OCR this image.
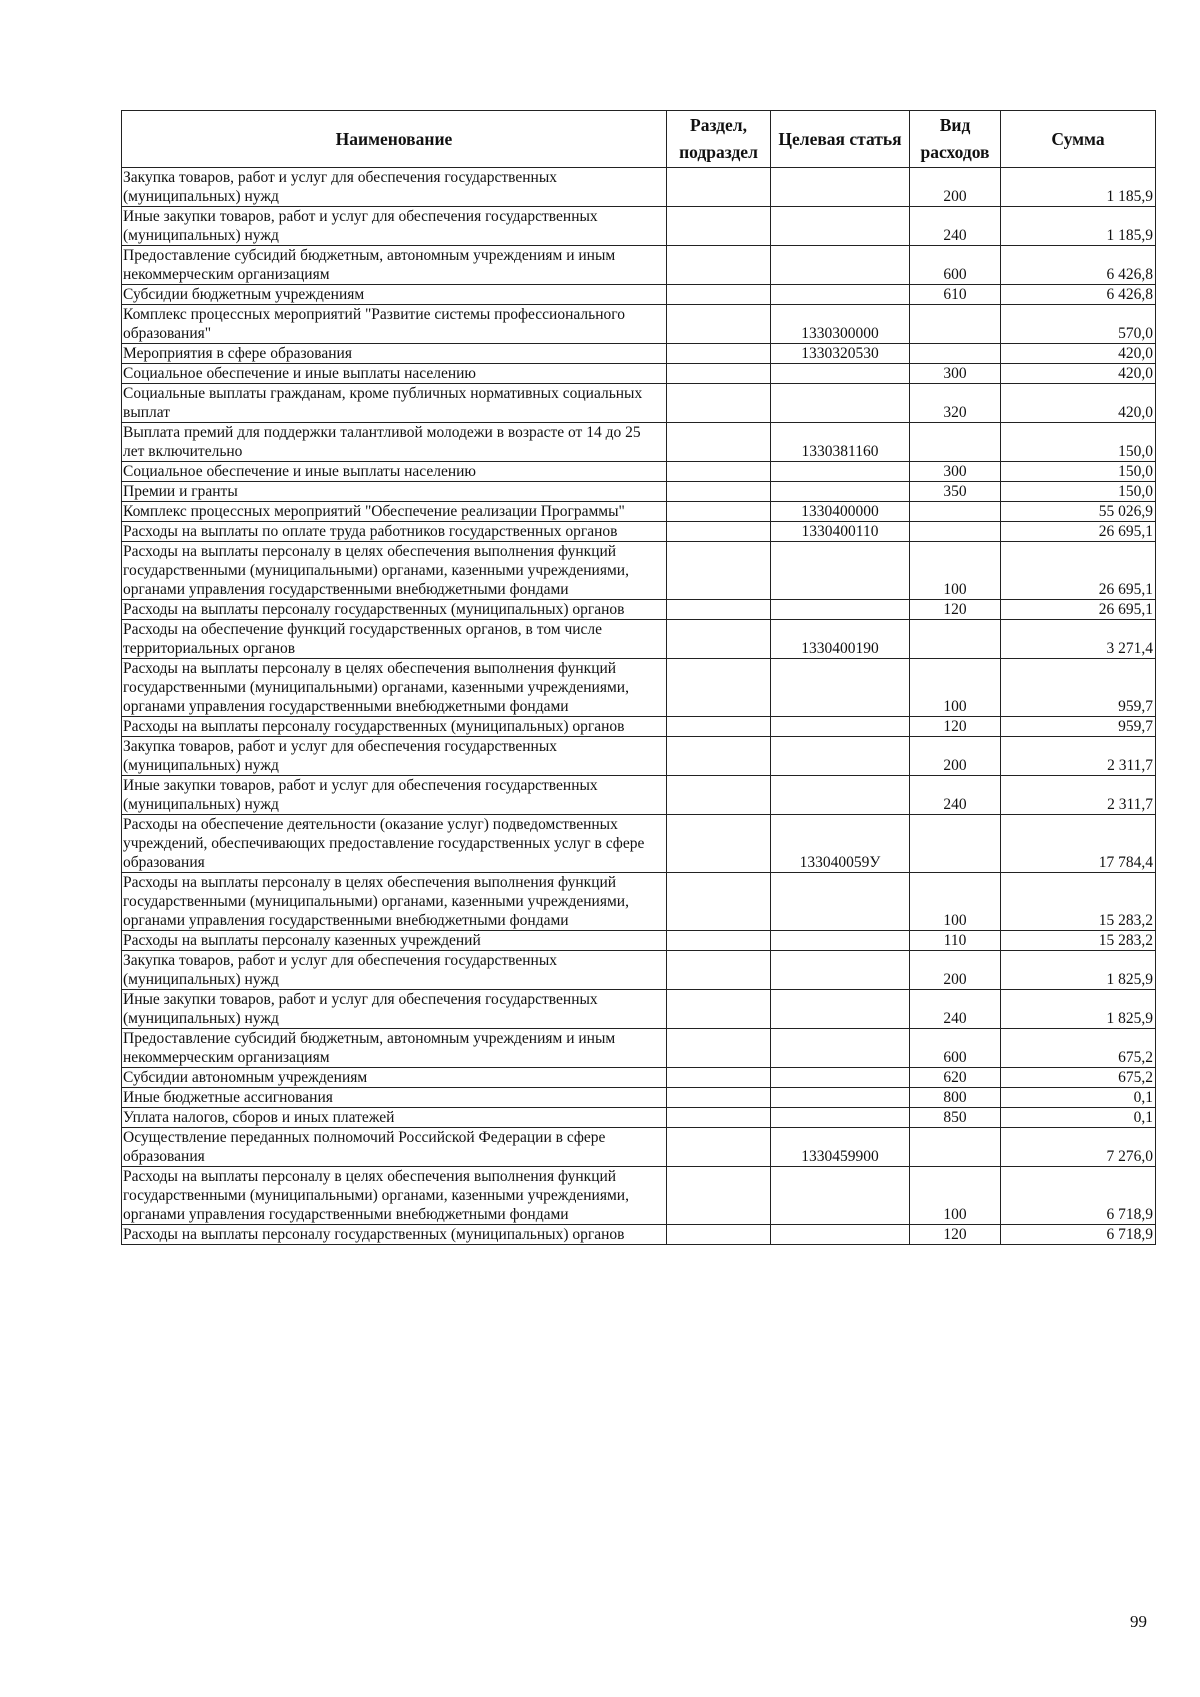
Наименование	Раздел, подраздел	Целевая статья	Вид расходов	Сумма
Закупка товаров, работ и услуг для обеспечения государственных (муниципальных) нужд			200	1 185,9
Иные закупки товаров, работ и услуг для обеспечения государственных (муниципальных) нужд			240	1 185,9
Предоставление субсидий бюджетным, автономным учреждениям и иным некоммерческим организациям			600	6 426,8
Субсидии бюджетным учреждениям			610	6 426,8
Комплекс процессных мероприятий "Развитие системы профессионального образования"		1330300000		570,0
Мероприятия в сфере образования		1330320530		420,0
Социальное обеспечение и иные выплаты населению			300	420,0
Социальные выплаты гражданам, кроме публичных нормативных социальных выплат			320	420,0
Выплата премий для поддержки талантливой молодежи в возрасте от 14 до 25 лет включительно		1330381160		150,0
Социальное обеспечение и иные выплаты населению			300	150,0
Премии и гранты			350	150,0
Комплекс процессных мероприятий "Обеспечение реализации Программы"		1330400000		55 026,9
Расходы на выплаты по оплате труда работников государственных органов		1330400110		26 695,1
Расходы на выплаты персоналу в целях обеспечения выполнения функций государственными (муниципальными) органами, казенными учреждениями, органами управления государственными внебюджетными фондами			100	26 695,1
Расходы на выплаты персоналу государственных (муниципальных) органов			120	26 695,1
Расходы на обеспечение функций государственных органов, в том числе территориальных органов		1330400190		3 271,4
Расходы на выплаты персоналу в целях обеспечения выполнения функций государственными (муниципальными) органами, казенными учреждениями, органами управления государственными внебюджетными фондами			100	959,7
Расходы на выплаты персоналу государственных (муниципальных) органов			120	959,7
Закупка товаров, работ и услуг для обеспечения государственных (муниципальных) нужд			200	2 311,7
Иные закупки товаров, работ и услуг для обеспечения государственных (муниципальных) нужд			240	2 311,7
Расходы на обеспечение деятельности (оказание услуг) подведомственных учреждений, обеспечивающих предоставление государственных услуг в сфере образования		133040059У		17 784,4
Расходы на выплаты персоналу в целях обеспечения выполнения функций государственными (муниципальными) органами, казенными учреждениями, органами управления государственными внебюджетными фондами			100	15 283,2
Расходы на выплаты персоналу казенных учреждений			110	15 283,2
Закупка товаров, работ и услуг для обеспечения государственных (муниципальных) нужд			200	1 825,9
Иные закупки товаров, работ и услуг для обеспечения государственных (муниципальных) нужд			240	1 825,9
Предоставление субсидий бюджетным, автономным учреждениям и иным некоммерческим организациям			600	675,2
Субсидии автономным учреждениям			620	675,2
Иные бюджетные ассигнования			800	0,1
Уплата налогов, сборов и иных платежей			850	0,1
Осуществление переданных полномочий Российской Федерации в сфере образования		1330459900		7 276,0
Расходы на выплаты персоналу в целях обеспечения выполнения функций государственными (муниципальными) органами, казенными учреждениями, органами управления государственными внебюджетными фондами			100	6 718,9
Расходы на выплаты персоналу государственных (муниципальных) органов			120	6 718,9
99
